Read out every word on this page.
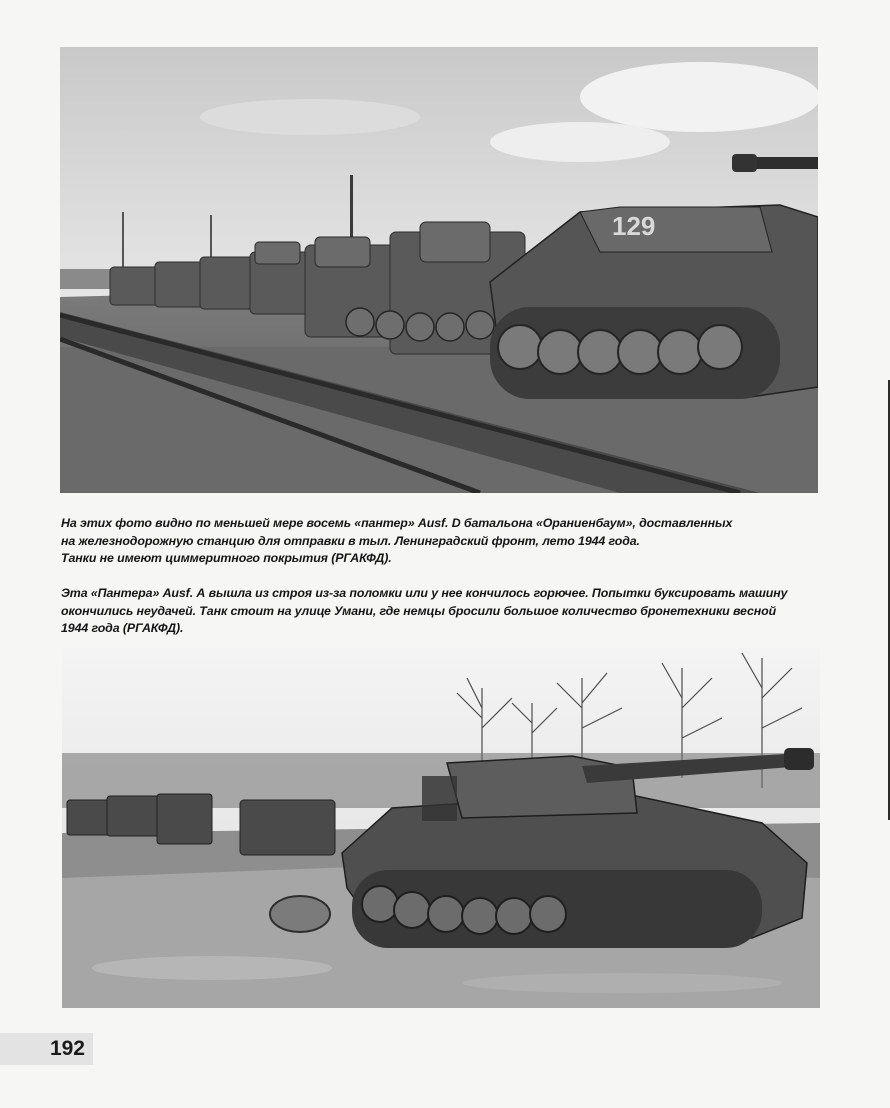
129

На этих фото видно по меньшей мере восемь «пантер» Ausf. D батальона «Ораниенбаум», доставленных

на железнодорожную станцию для отправки в тыл. Ленинградский фронт, лето 1944 года.

Танки не имеют циммеритного покрытия (РГАКФД).

Эта «Пантера» Ausf. А вышла из строя из-за поломки или у нее кончилось горючее. Попытки буксировать машину

окончились неудачей. Танк стоит на улице Умани, где немцы бросили большое количество бронетехники весной

1944 года (РГАКФД).

192
